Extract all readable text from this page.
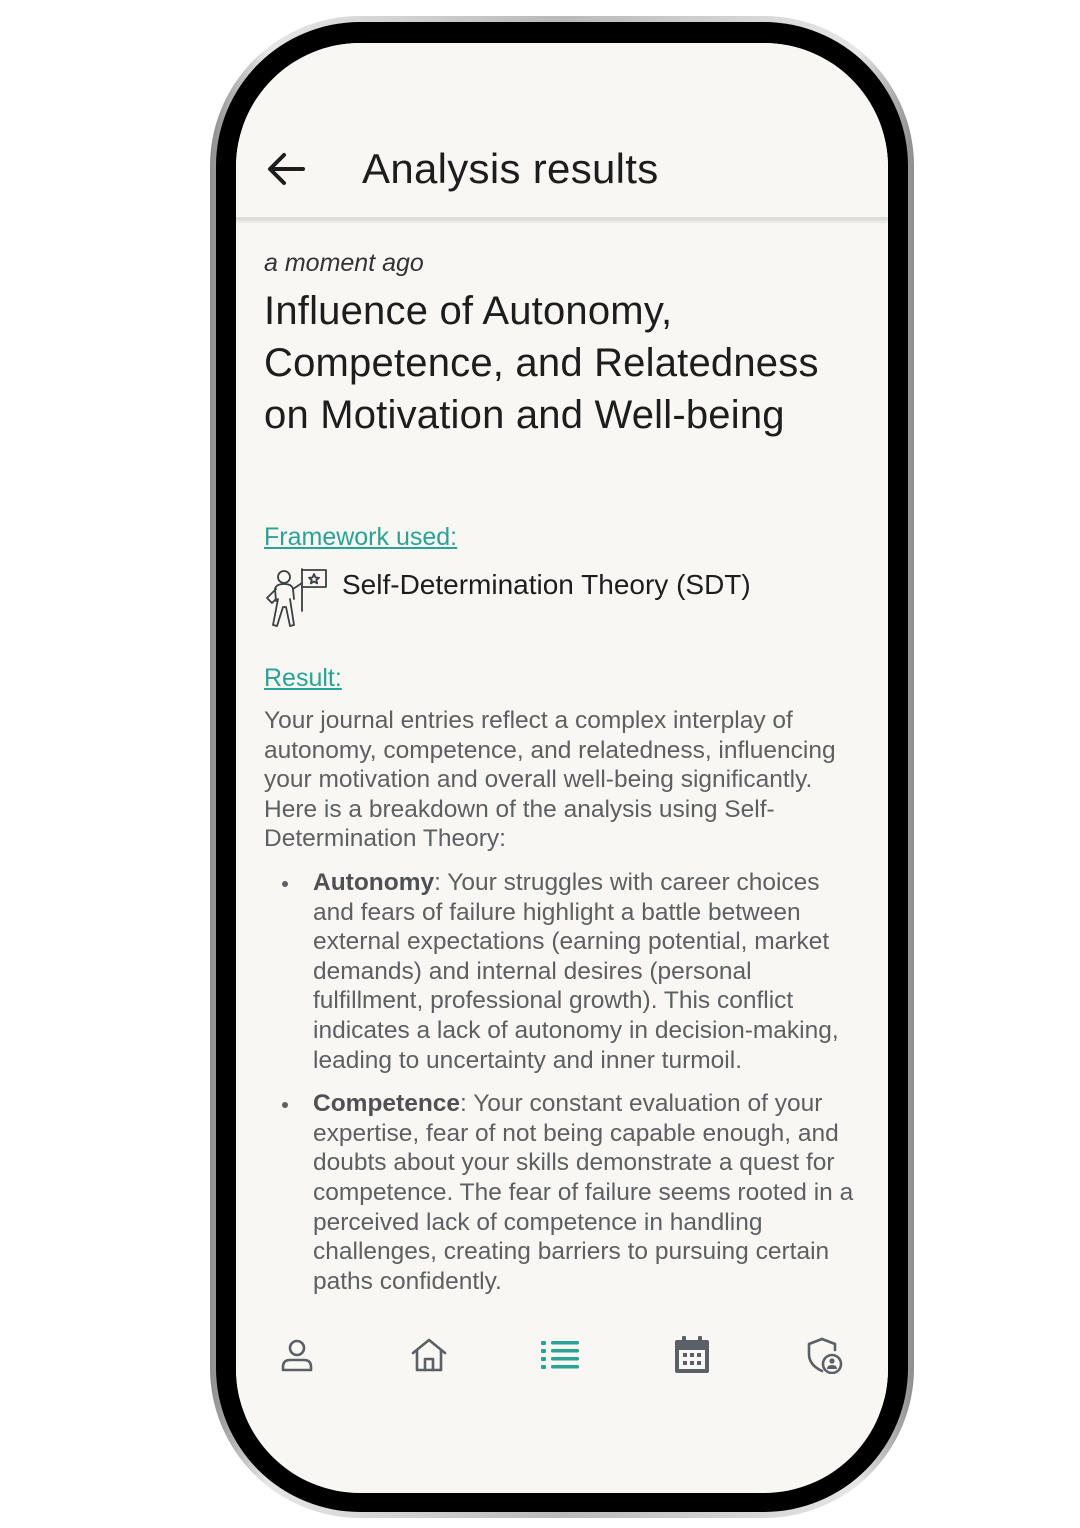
Analysis results
a moment ago
Influence of Autonomy, Competence, and Relatedness on Motivation and Well-being
Framework used:
Self-Determination Theory (SDT)
Result:

Your journal entries reflect a complex interplay of autonomy, competence, and relatedness, influencing your motivation and overall well-being significantly. Here is a breakdown of the analysis using Self-Determination Theory:

Autonomy: Your struggles with career choices and fears of failure highlight a battle between external expectations (earning potential, market demands) and internal desires (personal fulfillment, professional growth). This conflict indicates a lack of autonomy in decision-making, leading to uncertainty and inner turmoil.
Competence: Your constant evaluation of your expertise, fear of not being capable enough, and doubts about your skills demonstrate a quest for competence. The fear of failure seems rooted in a perceived lack of competence in handling challenges, creating barriers to pursuing certain paths confidently.
